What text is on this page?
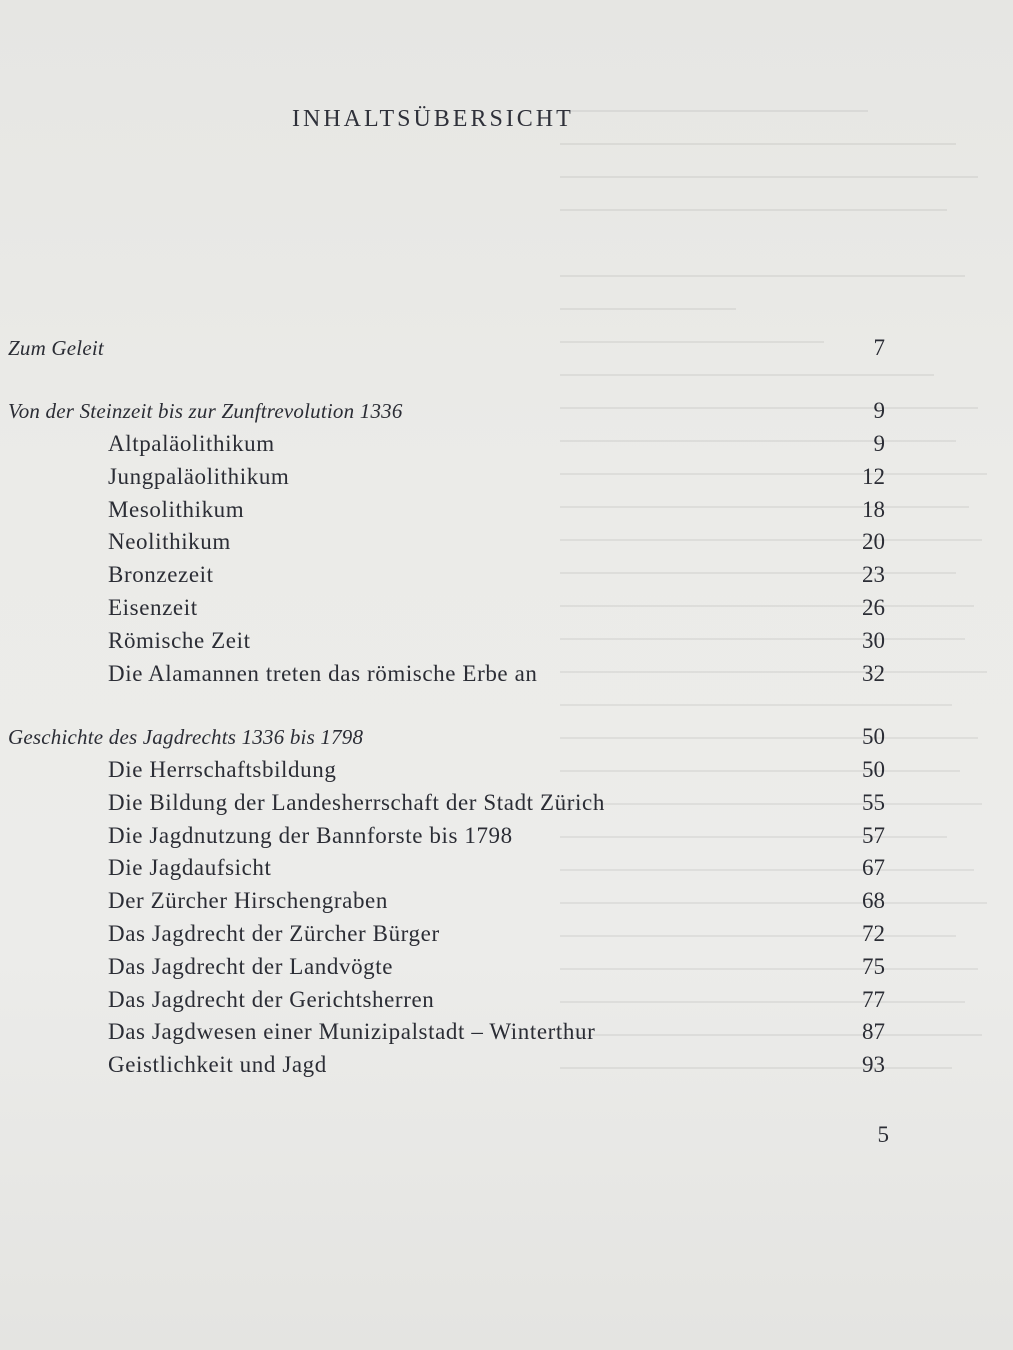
INHALTSÜBERSICHT
Zum Geleit	7
Von der Steinzeit bis zur Zunftrevolution 1336	9
Altpaläolithikum	9
Jungpaläolithikum	12
Mesolithikum	18
Neolithikum	20
Bronzezeit	23
Eisenzeit	26
Römische Zeit	30
Die Alamannen treten das römische Erbe an	32
Geschichte des Jagdrechts 1336 bis 1798	50
Die Herrschaftsbildung	50
Die Bildung der Landesherrschaft der Stadt Zürich	55
Die Jagdnutzung der Bannforste bis 1798	57
Die Jagdaufsicht	67
Der Zürcher Hirschengraben	68
Das Jagdrecht der Zürcher Bürger	72
Das Jagdrecht der Landvögte	75
Das Jagdrecht der Gerichtsherren	77
Das Jagdwesen einer Munizipalstadt – Winterthur	87
Geistlichkeit und Jagd	93
5
